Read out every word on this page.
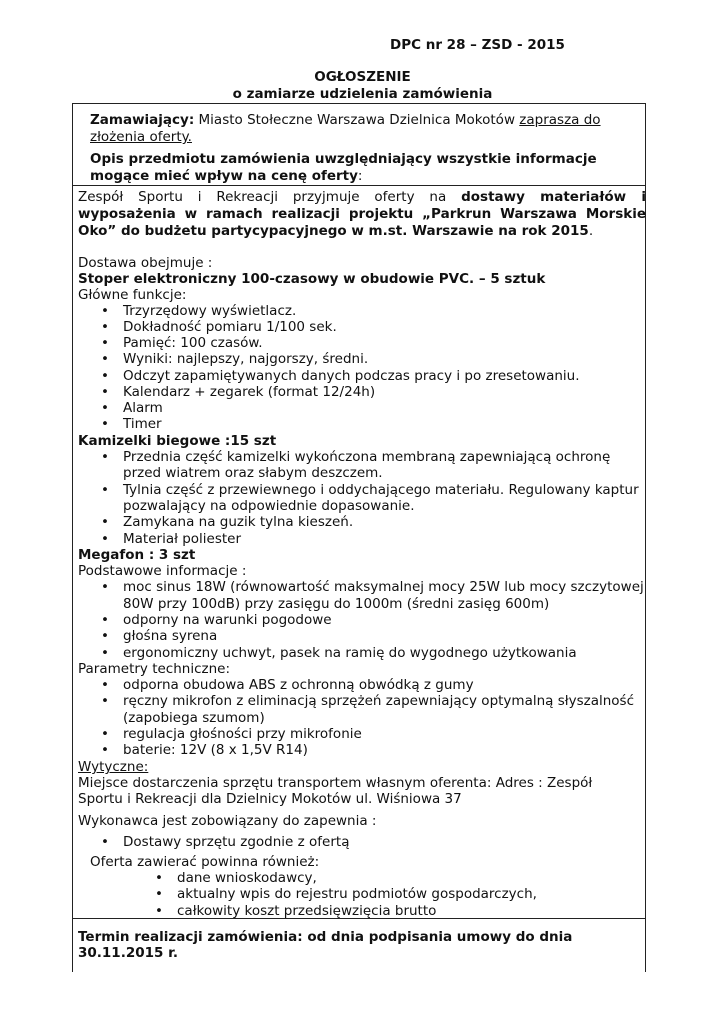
DPC nr 28 – ZSD - 2015
OGŁOSZENIE
o zamiarze udzielenia zamówienia
Zamawiający: Miasto Stołeczne Warszawa Dzielnica Mokotów zaprasza do
złożenia oferty.
Opis przedmiotu zamówienia uwzględniający wszystkie informacje
mogące mieć wpływ na cenę oferty:
Zespół Sportu i Rekreacji przyjmuje oferty na dostawy materiałów i
wyposażenia w ramach realizacji projektu „Parkrun Warszawa Morskie
Oko” do budżetu partycypacyjnego w m.st. Warszawie na rok 2015.
Dostawa obejmuje :
Stoper elektroniczny 100-czasowy w obudowie PVC. – 5 sztuk
Główne funkcje:
• Trzyrzędowy wyświetlacz.
• Dokładność pomiaru 1/100 sek.
• Pamięć: 100 czasów.
• Wyniki: najlepszy, najgorszy, średni.
• Odczyt zapamiętywanych danych podczas pracy i po zresetowaniu.
• Kalendarz + zegarek (format 12/24h)
• Alarm
• Timer
Kamizelki biegowe :15 szt
• Przednia część kamizelki wykończona membraną zapewniającą ochronę
przed wiatrem oraz słabym deszczem.
• Tylnia część z przewiewnego i oddychającego materiału. Regulowany kaptur
pozwalający na odpowiednie dopasowanie.
• Zamykana na guzik tylna kieszeń.
• Materiał poliester
Megafon : 3 szt
Podstawowe informacje :
• moc sinus 18W (równowartość maksymalnej mocy 25W lub mocy szczytowej
80W przy 100dB) przy zasięgu do 1000m (średni zasięg 600m)
• odporny na warunki pogodowe
• głośna syrena
• ergonomiczny uchwyt, pasek na ramię do wygodnego użytkowania
Parametry techniczne:
• odporna obudowa ABS z ochronną obwódką z gumy
• ręczny mikrofon z eliminacją sprzężeń zapewniający optymalną słyszalność
(zapobiega szumom)
• regulacja głośności przy mikrofonie
• baterie: 12V (8 x 1,5V R14)
Wytyczne:
Miejsce dostarczenia sprzętu transportem własnym oferenta: Adres : Zespół
Sportu i Rekreacji dla Dzielnicy Mokotów ul. Wiśniowa 37
Wykonawca jest zobowiązany do zapewnia :
• Dostawy sprzętu zgodnie z ofertą
Oferta zawierać powinna również:
• dane wnioskodawcy,
• aktualny wpis do rejestru podmiotów gospodarczych,
• całkowity koszt przedsięwzięcia brutto
Termin realizacji zamówienia: od dnia podpisania umowy do dnia
30.11.2015 r.
